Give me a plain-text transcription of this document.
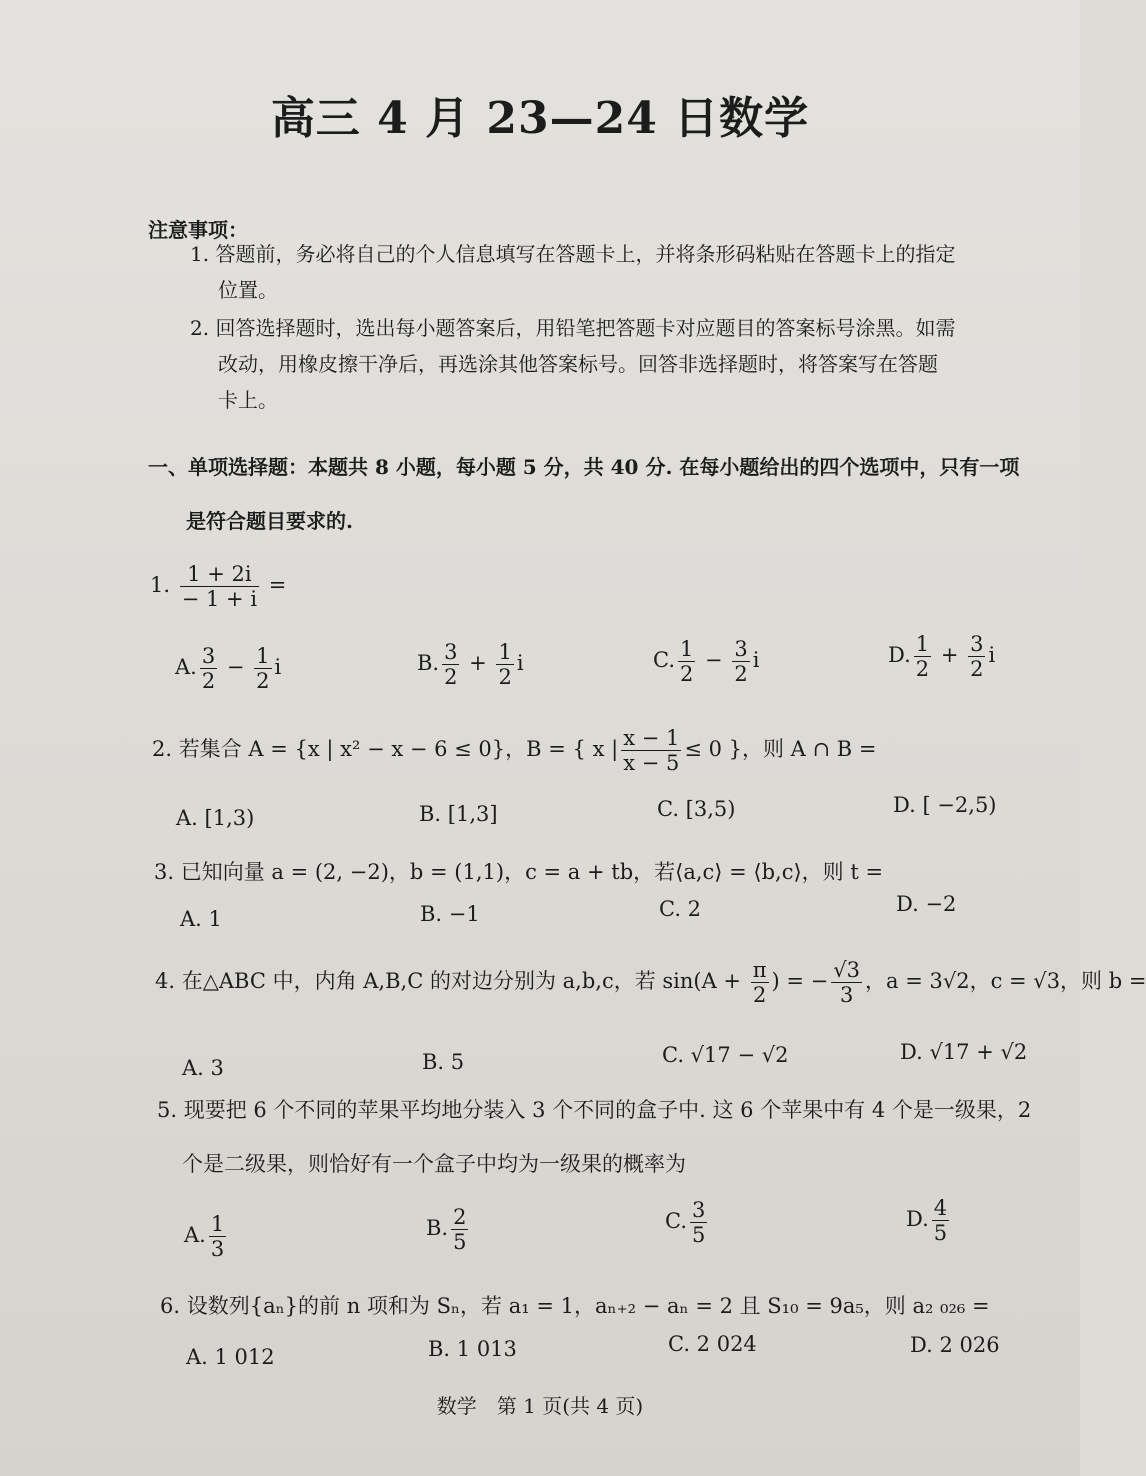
高三 4 月 23—24 日数学
注意事项：
1. 答题前，务必将自己的个人信息填写在答题卡上，并将条形码粘贴在答题卡上的指定
位置。
2. 回答选择题时，选出每小题答案后，用铅笔把答题卡对应题目的答案标号涂黑。如需
改动，用橡皮擦干净后，再选涂其他答案标号。回答非选择题时，将答案写在答题
卡上。
一、单项选择题：本题共 8 小题，每小题 5 分，共 40 分. 在每小题给出的四个选项中，只有一项
是符合题目要求的.
1. $\frac{1 + 2i}{- 1 + i}$ =
A. $\frac{3}{2} - \frac{1}{2}$ i	B. $\frac{3}{2} + \frac{1}{2}$ i	C. $\frac{1}{2} - \frac{3}{2}$ i	D. $\frac{1}{2} + \frac{3}{2}$ i
2. 若集合 A = {x | x² − x − 6 ≤ 0}，B = { x | $\frac{x - 1}{x - 5} \le 0$ }，则 A ∩ B =
A. [1,3)	B. [1,3]	C. [3,5)	D. [ −2,5)
3. 已知向量 a = (2, −2)，b = (1,1)，c = a + tb，若⟨a,c⟩ = ⟨b,c⟩，则 t =
A. 1	B. −1	C. 2	D. −2
4. 在△ABC 中，内角 A,B,C 的对边分别为 a,b,c，若 $\sin(A + \frac{\pi}{2}$ ) = − $\frac{√3}{3}$ ，a = 3√2，c = √3，则 b =
A. 3	B. 5	C. √17 − √2	D. √17 + √2
5. 现要把 6 个不同的苹果平均地分装入 3 个不同的盒子中. 这 6 个苹果中有 4 个是一级果，2
个是二级果，则恰好有一个盒子中均为一级果的概率为
A. $\frac{1}{3}$	B. $\frac{2}{5}$	C. $\frac{3}{5}$	D. $\frac{4}{5}$
6. 设数列{aₙ}的前 n 项和为 Sₙ，若 a₁ = 1，aₙ₊₂ − aₙ = 2 且 S₁₀ = 9a₅，则 a₂ ₀₂₆ =
A. 1 012	B. 1 013	C. 2 024	D. 2 026
数学　第 1 页(共 4 页)
